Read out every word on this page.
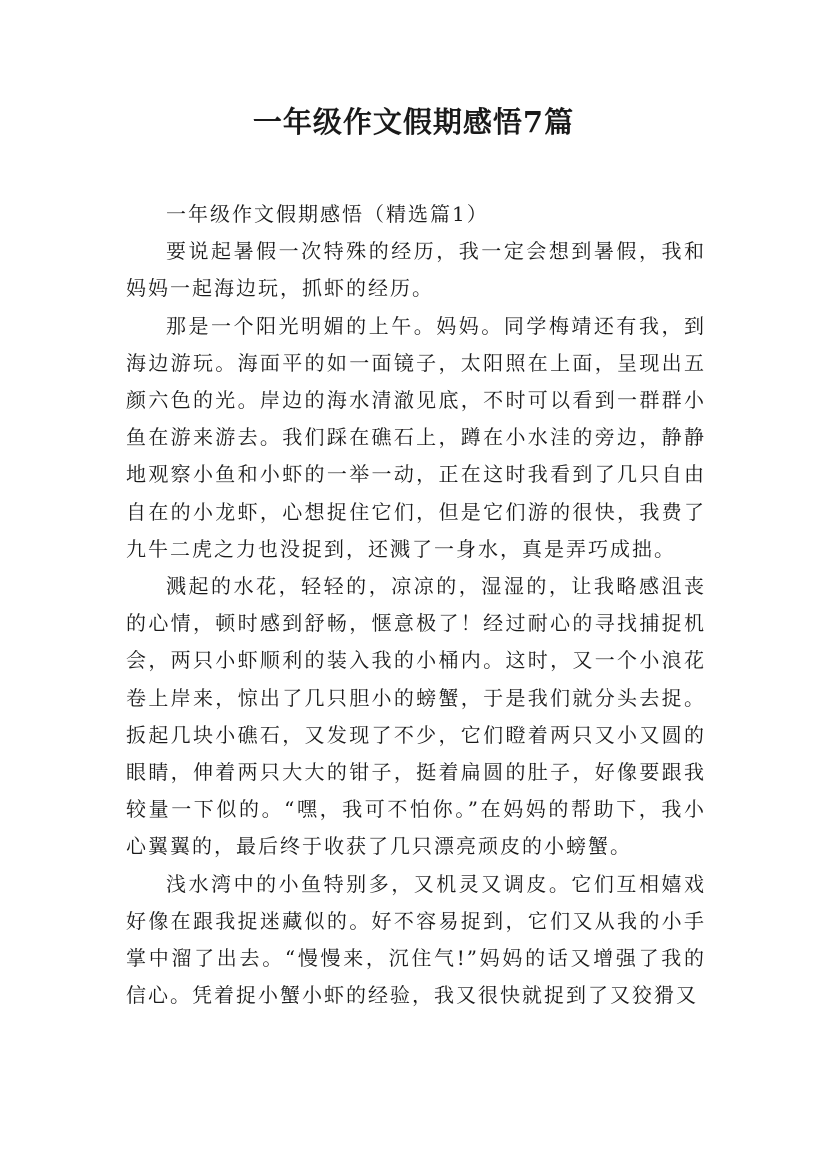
一年级作文假期感悟7篇

一年级作文假期感悟（精选篇1）

要说起暑假一次特殊的经历，我一定会想到暑假，我和妈妈一起海边玩，抓虾的经历。

那是一个阳光明媚的上午。妈妈。同学梅靖还有我，到海边游玩。海面平的如一面镜子，太阳照在上面，呈现出五颜六色的光。岸边的海水清澈见底，不时可以看到一群群小鱼在游来游去。我们踩在礁石上，蹲在小水洼的旁边，静静地观察小鱼和小虾的一举一动，正在这时我看到了几只自由自在的小龙虾，心想捉住它们，但是它们游的很快，我费了九牛二虎之力也没捉到，还溅了一身水，真是弄巧成拙。

溅起的水花，轻轻的，凉凉的，湿湿的，让我略感沮丧的心情，顿时感到舒畅，惬意极了！经过耐心的寻找捕捉机会，两只小虾顺利的装入我的小桶内。这时，又一个小浪花卷上岸来，惊出了几只胆小的螃蟹，于是我们就分头去捉。扳起几块小礁石，又发现了不少，它们瞪着两只又小又圆的眼睛，伸着两只大大的钳子，挺着扁圆的肚子，好像要跟我较量一下似的。“嘿，我可不怕你。”在妈妈的帮助下，我小心翼翼的，最后终于收获了几只漂亮顽皮的小螃蟹。

浅水湾中的小鱼特别多，又机灵又调皮。它们互相嬉戏好像在跟我捉迷藏似的。好不容易捉到，它们又从我的小手掌中溜了出去。“慢慢来，沉住气!”妈妈的话又增强了我的信心。凭着捉小蟹小虾的经验，我又很快就捉到了又狡猾又
